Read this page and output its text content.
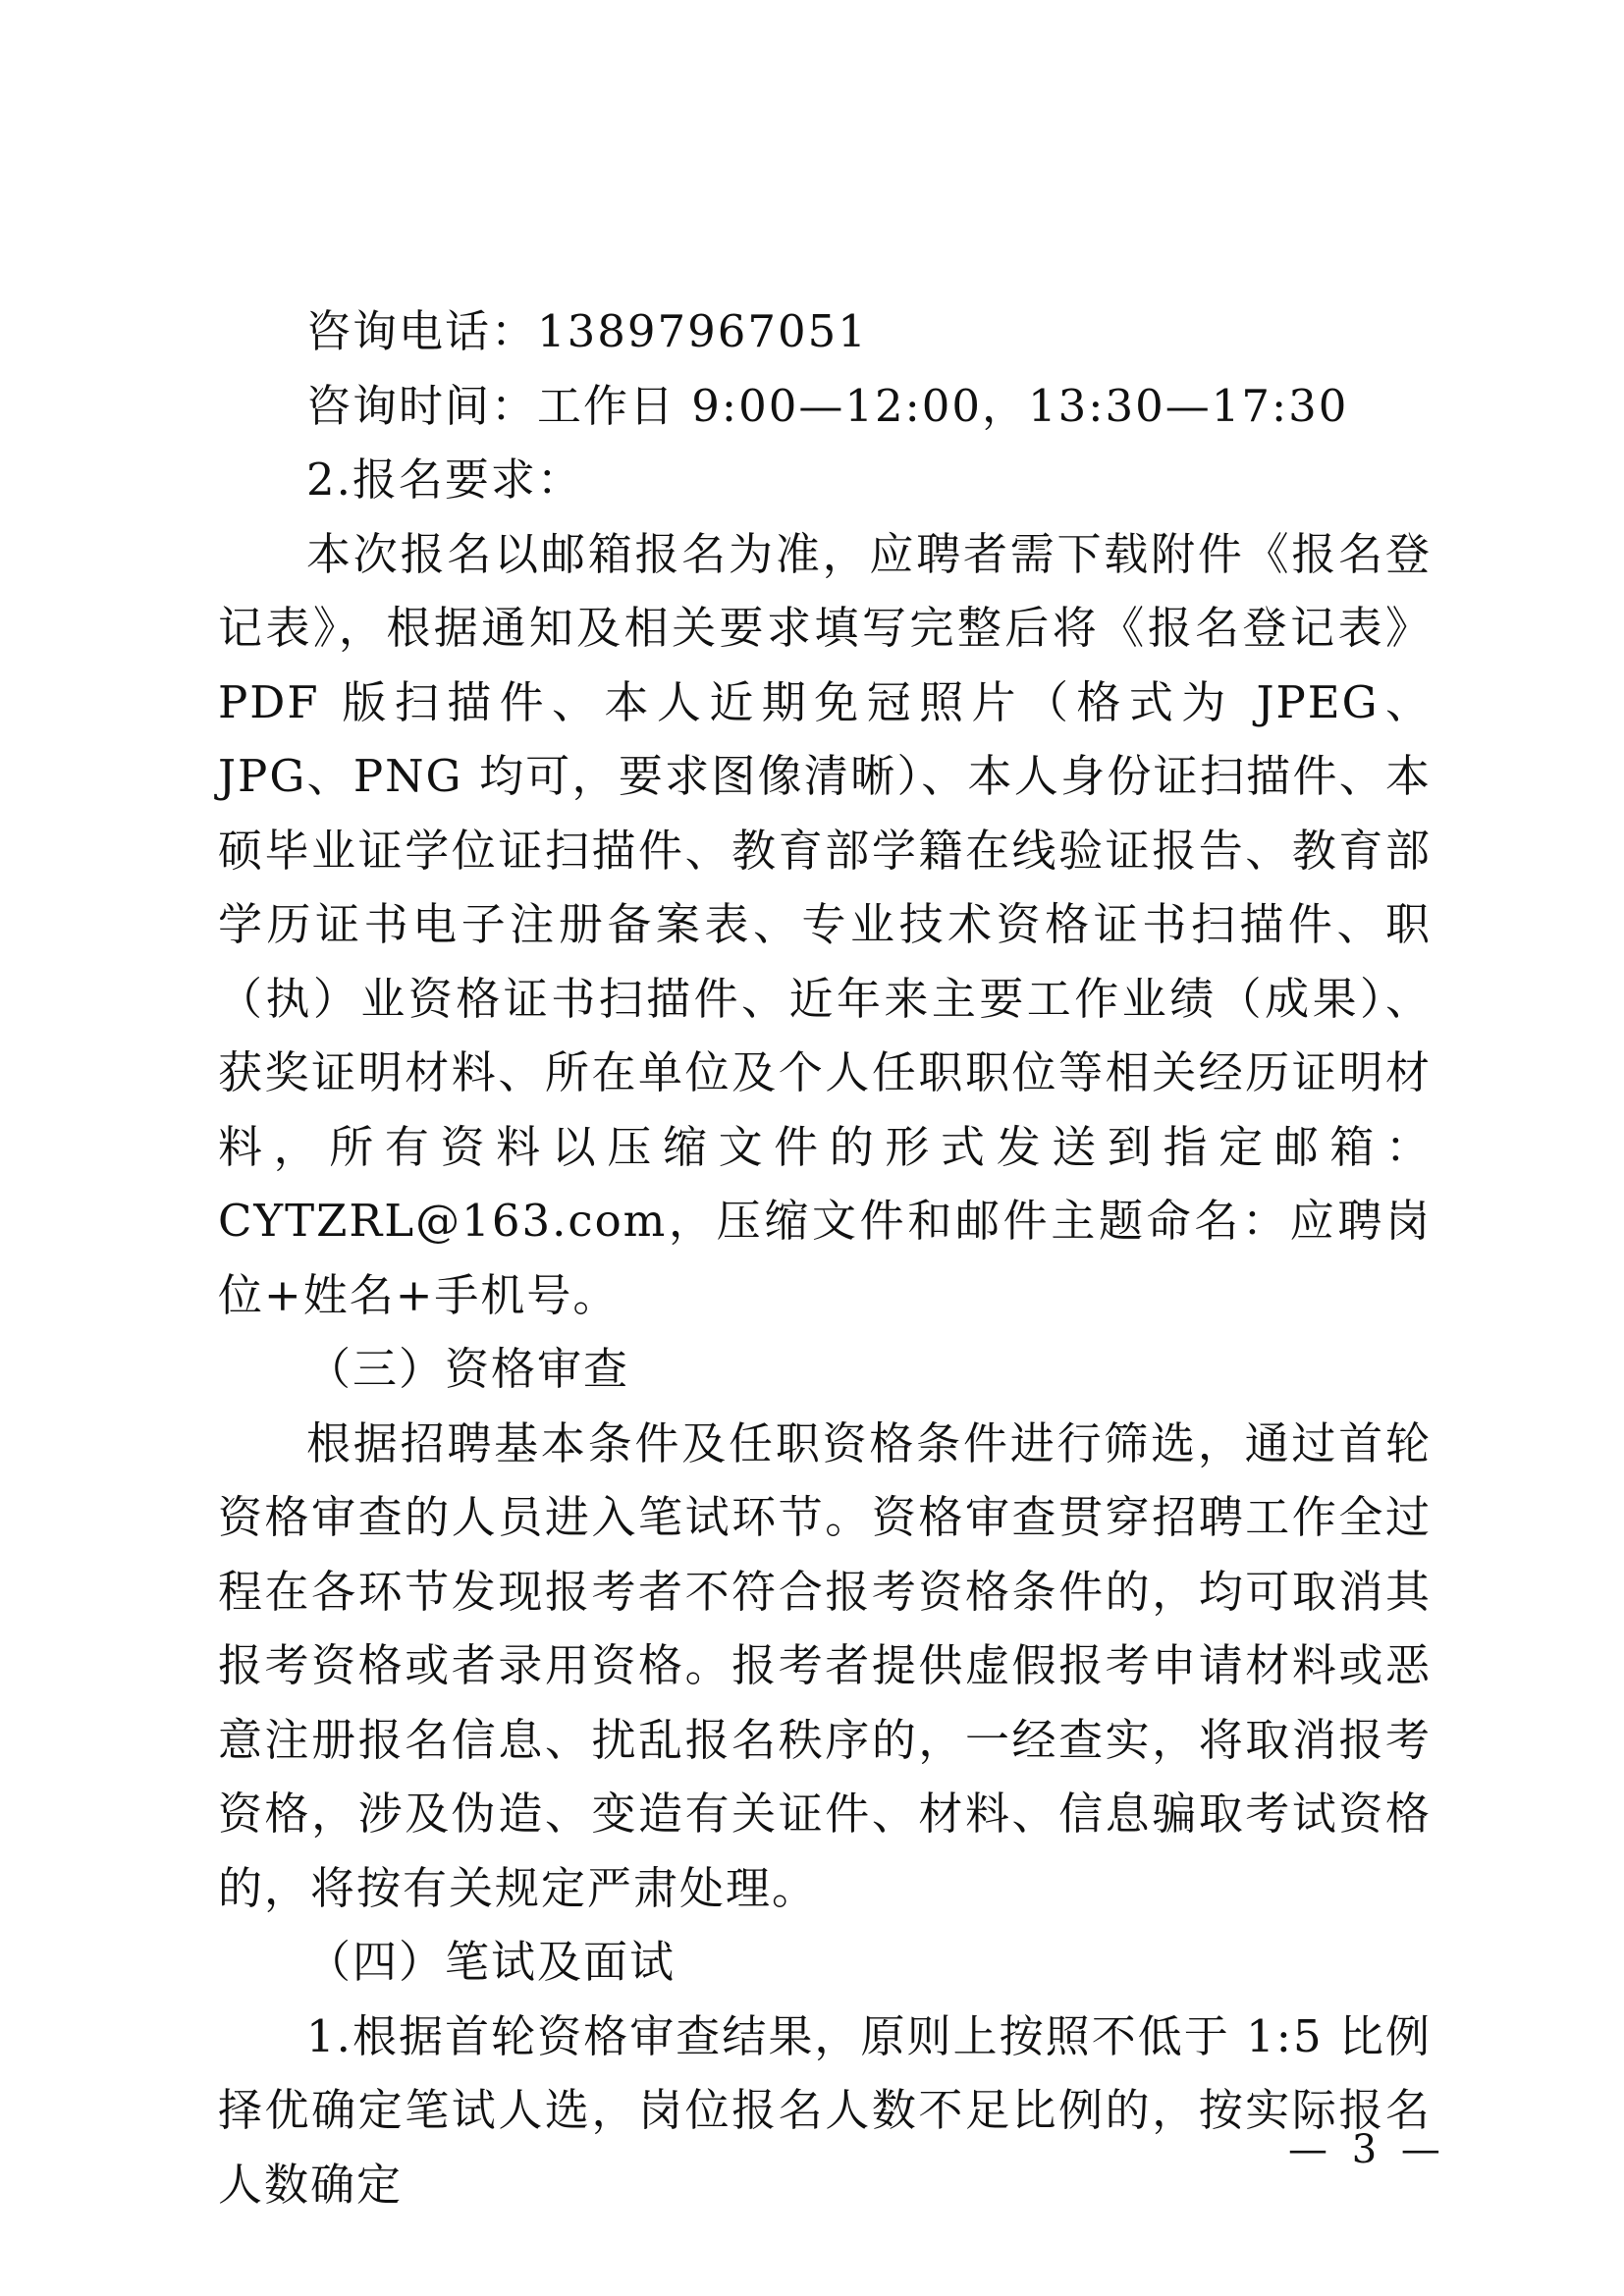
咨询电话：13897967051

咨询时间：工作日 9:00—12:00，13:30—17:30

2.报名要求：

本次报名以邮箱报名为准，应聘者需下载附件《报名登记表》，根据通知及相关要求填写完整后将《报名登记表》PDF 版扫描件、本人近期免冠照片（格式为 JPEG、JPG、PNG 均可，要求图像清晰）、本人身份证扫描件、本硕毕业证学位证扫描件、教育部学籍在线验证报告、教育部学历证书电子注册备案表、专业技术资格证书扫描件、职（执）业资格证书扫描件、近年来主要工作业绩（成果）、获奖证明材料、所在单位及个人任职职位等相关经历证明材料，所有资料以压缩文件的形式发送到指定邮箱：CYTZRL@163.com，压缩文件和邮件主题命名：应聘岗位+姓名+手机号。

（三）资格审查

根据招聘基本条件及任职资格条件进行筛选，通过首轮资格审查的人员进入笔试环节。资格审查贯穿招聘工作全过程在各环节发现报考者不符合报考资格条件的，均可取消其报考资格或者录用资格。报考者提供虚假报考申请材料或恶意注册报名信息、扰乱报名秩序的，一经查实，将取消报考资格，涉及伪造、变造有关证件、材料、信息骗取考试资格的，将按有关规定严肃处理。

（四）笔试及面试

1.根据首轮资格审查结果，原则上按照不低于 1:5 比例择优确定笔试人选，岗位报名人数不足比例的，按实际报名人数确定

— 3 —
